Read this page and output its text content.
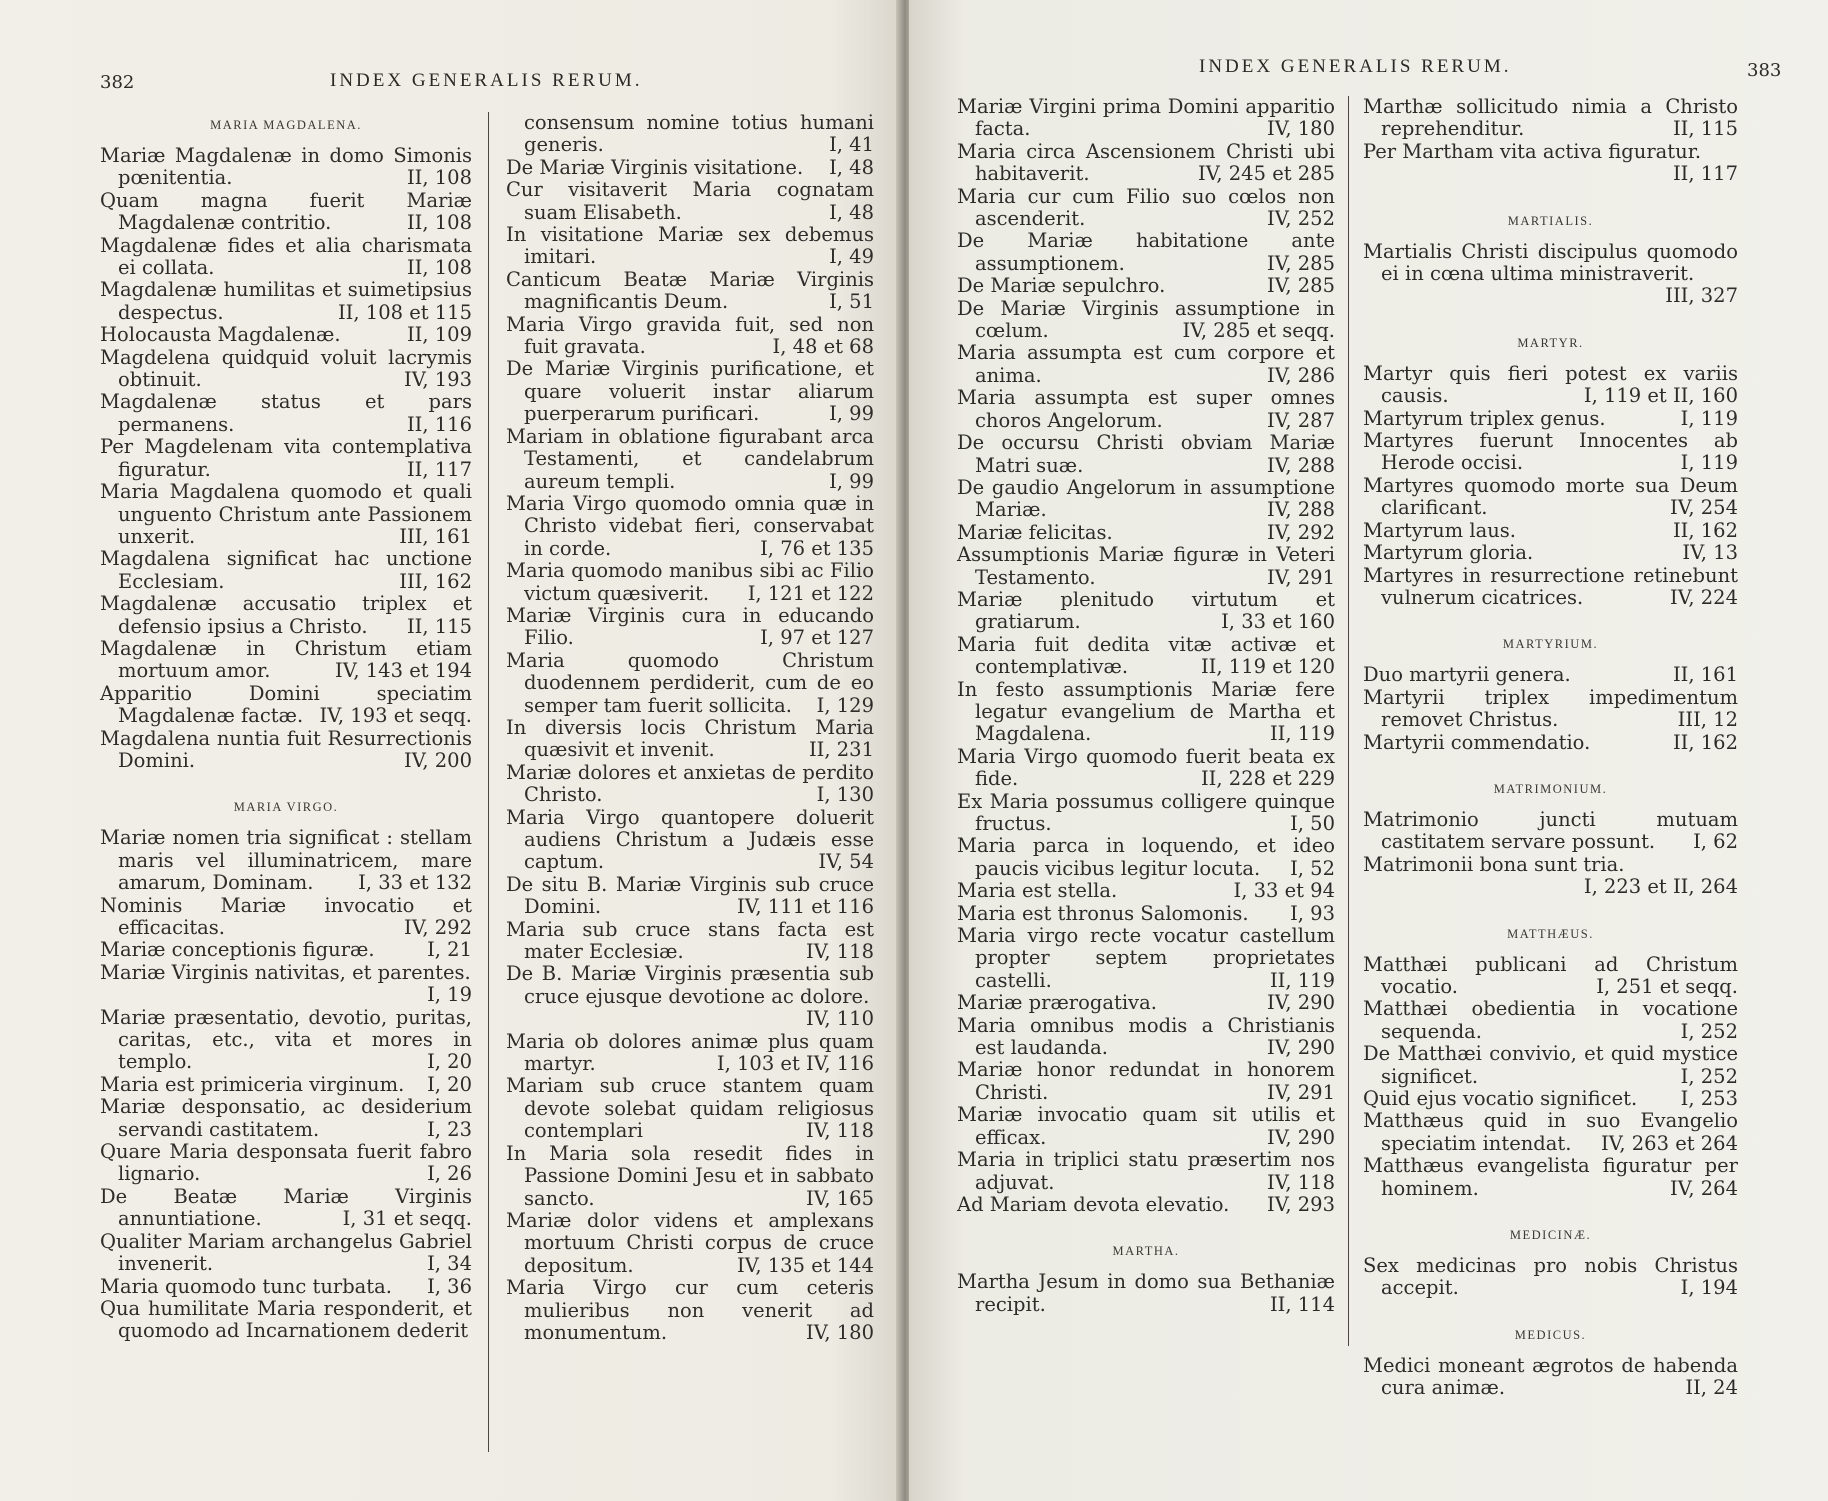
382	INDEX GENERALIS RERUM.
MARIA MAGDALENA.

Mariæ Magdalenæ in domo Simonis pœnitentia.	II, 108

Quam magna fuerit Mariæ Magdalenæ contritio.	II, 108

Magdalenæ fides et alia charismata ei collata.	II, 108

Magdalenæ humilitas et suimetipsius despectus.	II, 108 et 115

Holocausta Magdalenæ.	II, 109

Magdelena quidquid voluit lacrymis obtinuit.	IV, 193

Magdalenæ status et pars permanens.	II, 116

Per Magdelenam vita contemplativa figuratur.	II, 117

Maria Magdalena quomodo et quali unguento Christum ante Passionem unxerit.	III, 161

Magdalena significat hac unctione Ecclesiam.	III, 162

Magdalenæ accusatio triplex et defensio ipsius a Christo. II, 115

Magdalenæ in Christum etiam mortuum amor.	IV, 143 et 194

Apparitio Domini speciatim Magdalenæ factæ. IV, 193 et seqq.

Magdalena nuntia fuit Resurrectionis Domini.	IV, 200

MARIA VIRGO.

Mariæ nomen tria significat : stellam maris vel illuminatricem, mare amarum, Dominam. I, 33 et 132

Nominis Mariæ invocatio et efficacitas.	IV, 292

Mariæ conceptionis figuræ.	I, 21

Mariæ Virginis nativitas, et parentes.
I, 19

Mariæ præsentatio, devotio, puritas, caritas, etc., vita et mores in templo.	I, 20

Maria est primiceria virginum. I, 20

Mariæ desponsatio, ac desiderium servandi castitatem.	I, 23

Quare Maria desponsata fuerit fabro lignario.	I, 26

De Beatæ Mariæ Virginis annuntiatione.	I, 31 et seqq.

Qualiter Mariam archangelus Gabriel invenerit.	I, 34

Maria quomodo tunc turbata. I, 36

Qua humilitate Maria responderit, et quomodo ad Incarnationem dederit

consensum nomine totius humani generis.	I, 41

De Mariæ Virginis visitatione. I, 48

Cur visitaverit Maria cognatam suam Elisabeth.	I, 48

In visitatione Mariæ sex debemus imitari.	I, 49

Canticum Beatæ Mariæ Virginis magnificantis Deum.	I, 51

Maria Virgo gravida fuit, sed non fuit gravata.	I, 48 et 68

De Mariæ Virginis purificatione, et quare voluerit instar aliarum puerperarum purificari.	I, 99

Mariam in oblatione figurabant arca Testamenti, et candelabrum aureum templi.	I, 99

Maria Virgo quomodo omnia quæ in Christo videbat fieri, conservabat in corde.	I, 76 et 135

Maria quomodo manibus sibi ac Filio victum quæsiverit. I, 121 et 122

Mariæ Virginis cura in educando Filio.	I, 97 et 127

Maria quomodo Christum duodennem perdiderit, cum de eo semper tam fuerit sollicita. I, 129

In diversis locis Christum Maria quæsivit et invenit.	II, 231

Mariæ dolores et anxietas de perdito Christo.	I, 130

Maria Virgo quantopere doluerit audiens Christum a Judæis esse captum.	IV, 54

De situ B. Mariæ Virginis sub cruce Domini.	IV, 111 et 116

Maria sub cruce stans facta est mater Ecclesiæ.	IV, 118

De B. Mariæ Virginis præsentia sub cruce ejusque devotione ac dolore.
IV, 110

Maria ob dolores animæ plus quam martyr.	I, 103 et IV, 116

Mariam sub cruce stantem quam devote solebat quidam religiosus contemplari	IV, 118

In Maria sola resedit fides in Passione Domini Jesu et in sabbato sancto.	IV, 165

Mariæ dolor videns et amplexans mortuum Christi corpus de cruce depositum.	IV, 135 et 144

Maria Virgo cur cum ceteris mulieribus non venerit ad monumentum.	IV, 180

INDEX GENERALIS RERUM.	383

Mariæ Virgini prima Domini apparitio facta.	IV, 180

Maria circa Ascensionem Christi ubi habitaverit.	IV, 245 et 285

Maria cur cum Filio suo cœlos non ascenderit.	IV, 252

De Mariæ habitatione ante assumptionem.	IV, 285

De Mariæ sepulchro.	IV, 285

De Mariæ Virginis assumptione in cœlum.	IV, 285 et seqq.

Maria assumpta est cum corpore et anima.	IV, 286

Maria assumpta est super omnes choros Angelorum.	IV, 287

De occursu Christi obviam Mariæ Matri suæ.	IV, 288

De gaudio Angelorum in assumptione Mariæ.	IV, 288

Mariæ felicitas.	IV, 292

Assumptionis Mariæ figuræ in Veteri Testamento.	IV, 291

Mariæ plenitudo virtutum et gratiarum.	I, 33 et 160

Maria fuit dedita vitæ activæ et contemplativæ.	II, 119 et 120

In festo assumptionis Mariæ fere legatur evangelium de Martha et Magdalena.	II, 119

Maria Virgo quomodo fuerit beata ex fide.	II, 228 et 229

Ex Maria possumus colligere quinque fructus.	I, 50

Maria parca in loquendo, et ideo paucis vicibus legitur locuta. I, 52

Maria est stella.	I, 33 et 94

Maria est thronus Salomonis. I, 93

Maria virgo recte vocatur castellum propter septem proprietates castelli.	II, 119

Mariæ prærogativa.	IV, 290

Maria omnibus modis a Christianis est laudanda.	IV, 290

Mariæ honor redundat in honorem Christi.	IV, 291

Mariæ invocatio quam sit utilis et efficax.	IV, 290

Maria in triplici statu præsertim nos adjuvat.	IV, 118

Ad Mariam devota elevatio. IV, 293

MARTHA.

Martha Jesum in domo sua Bethaniæ recipit.	II, 114

Marthæ sollicitudo nimia a Christo reprehenditur.	II, 115

Per Martham vita activa figuratur.
II, 117

MARTIALIS.

Martialis Christi discipulus quomodo ei in cœna ultima ministraverit.
III, 327

MARTYR.

Martyr quis fieri potest ex variis causis.	I, 119 et II, 160

Martyrum triplex genus.	I, 119

Martyres fuerunt Innocentes ab Herode occisi.	I, 119

Martyres quomodo morte sua Deum clarificant.	IV, 254

Martyrum laus.	II, 162

Martyrum gloria.	IV, 13

Martyres in resurrectione retinebunt vulnerum cicatrices.	IV, 224

MARTYRIUM.

Duo martyrii genera.	II, 161

Martyrii triplex impedimentum removet Christus.	III, 12

Martyrii commendatio.	II, 162

MATRIMONIUM.

Matrimonio juncti mutuam castitatem servare possunt. I, 62

Matrimonii bona sunt tria.
I, 223 et II, 264

MATTHÆUS.

Matthæi publicani ad Christum vocatio.	I, 251 et seqq.

Matthæi obedientia in vocatione sequenda.	I, 252

De Matthæi convivio, et quid mystice significet.	I, 252

Quid ejus vocatio significet. I, 253

Matthæus quid in suo Evangelio speciatim intendat. IV, 263 et 264

Matthæus evangelista figuratur per hominem.	IV, 264

MEDICINÆ.

Sex medicinas pro nobis Christus accepit.	I, 194

MEDICUS.

Medici moneant ægrotos de habenda cura animæ.	II, 24
